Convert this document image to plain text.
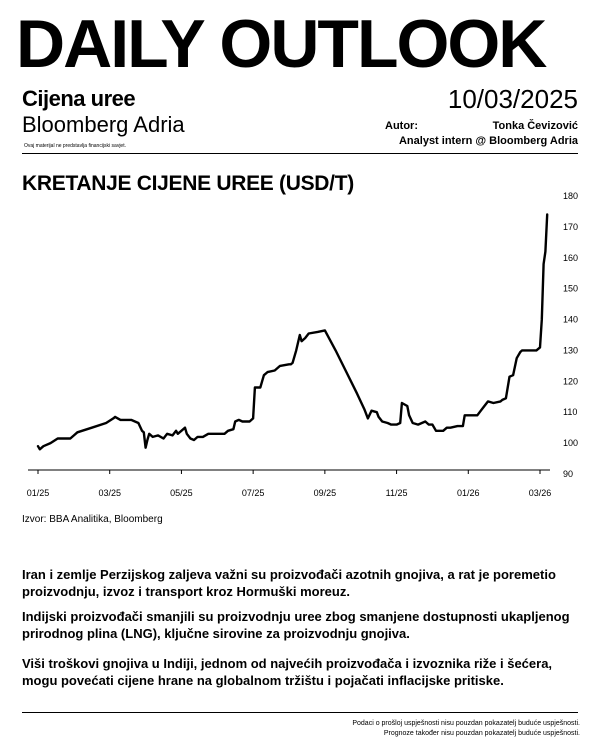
DAILY OUTLOOK
Cijena uree
Bloomberg Adria
Ovaj materijal ne predstavlja financijski savjet.
10/03/2025
Autor:	Tonka Čevizović
Analyst intern @ Bloomberg Adria
KRETANJE CIJENE UREE (USD/T)
01/25	03/25	05/25	07/25	09/25	11/25	01/26	03/26
90
100
110
120
130
140
150
160
170
180
Izvor: BBA Analitika, Bloomberg
Iran i zemlje Perzijskog zaljeva važni su proizvođači azotnih gnojiva, a rat je poremetio proizvodnju, izvoz i transport kroz Hormuški moreuz.
Indijski proizvođači smanjili su proizvodnju uree zbog smanjene dostupnosti ukapljenog prirodnog plina (LNG), ključne sirovine za proizvodnju gnojiva.
Viši troškovi gnojiva u Indiji, jednom od najvećih proizvođača i izvoznika riže i šećera, mogu povećati cijene hrane na globalnom tržištu i pojačati inflacijske pritiske.
Podaci o prošloj uspješnosti nisu pouzdan pokazatelj buduće uspješnosti.
Prognoze također nisu pouzdan pokazatelj buduće uspješnosti.
